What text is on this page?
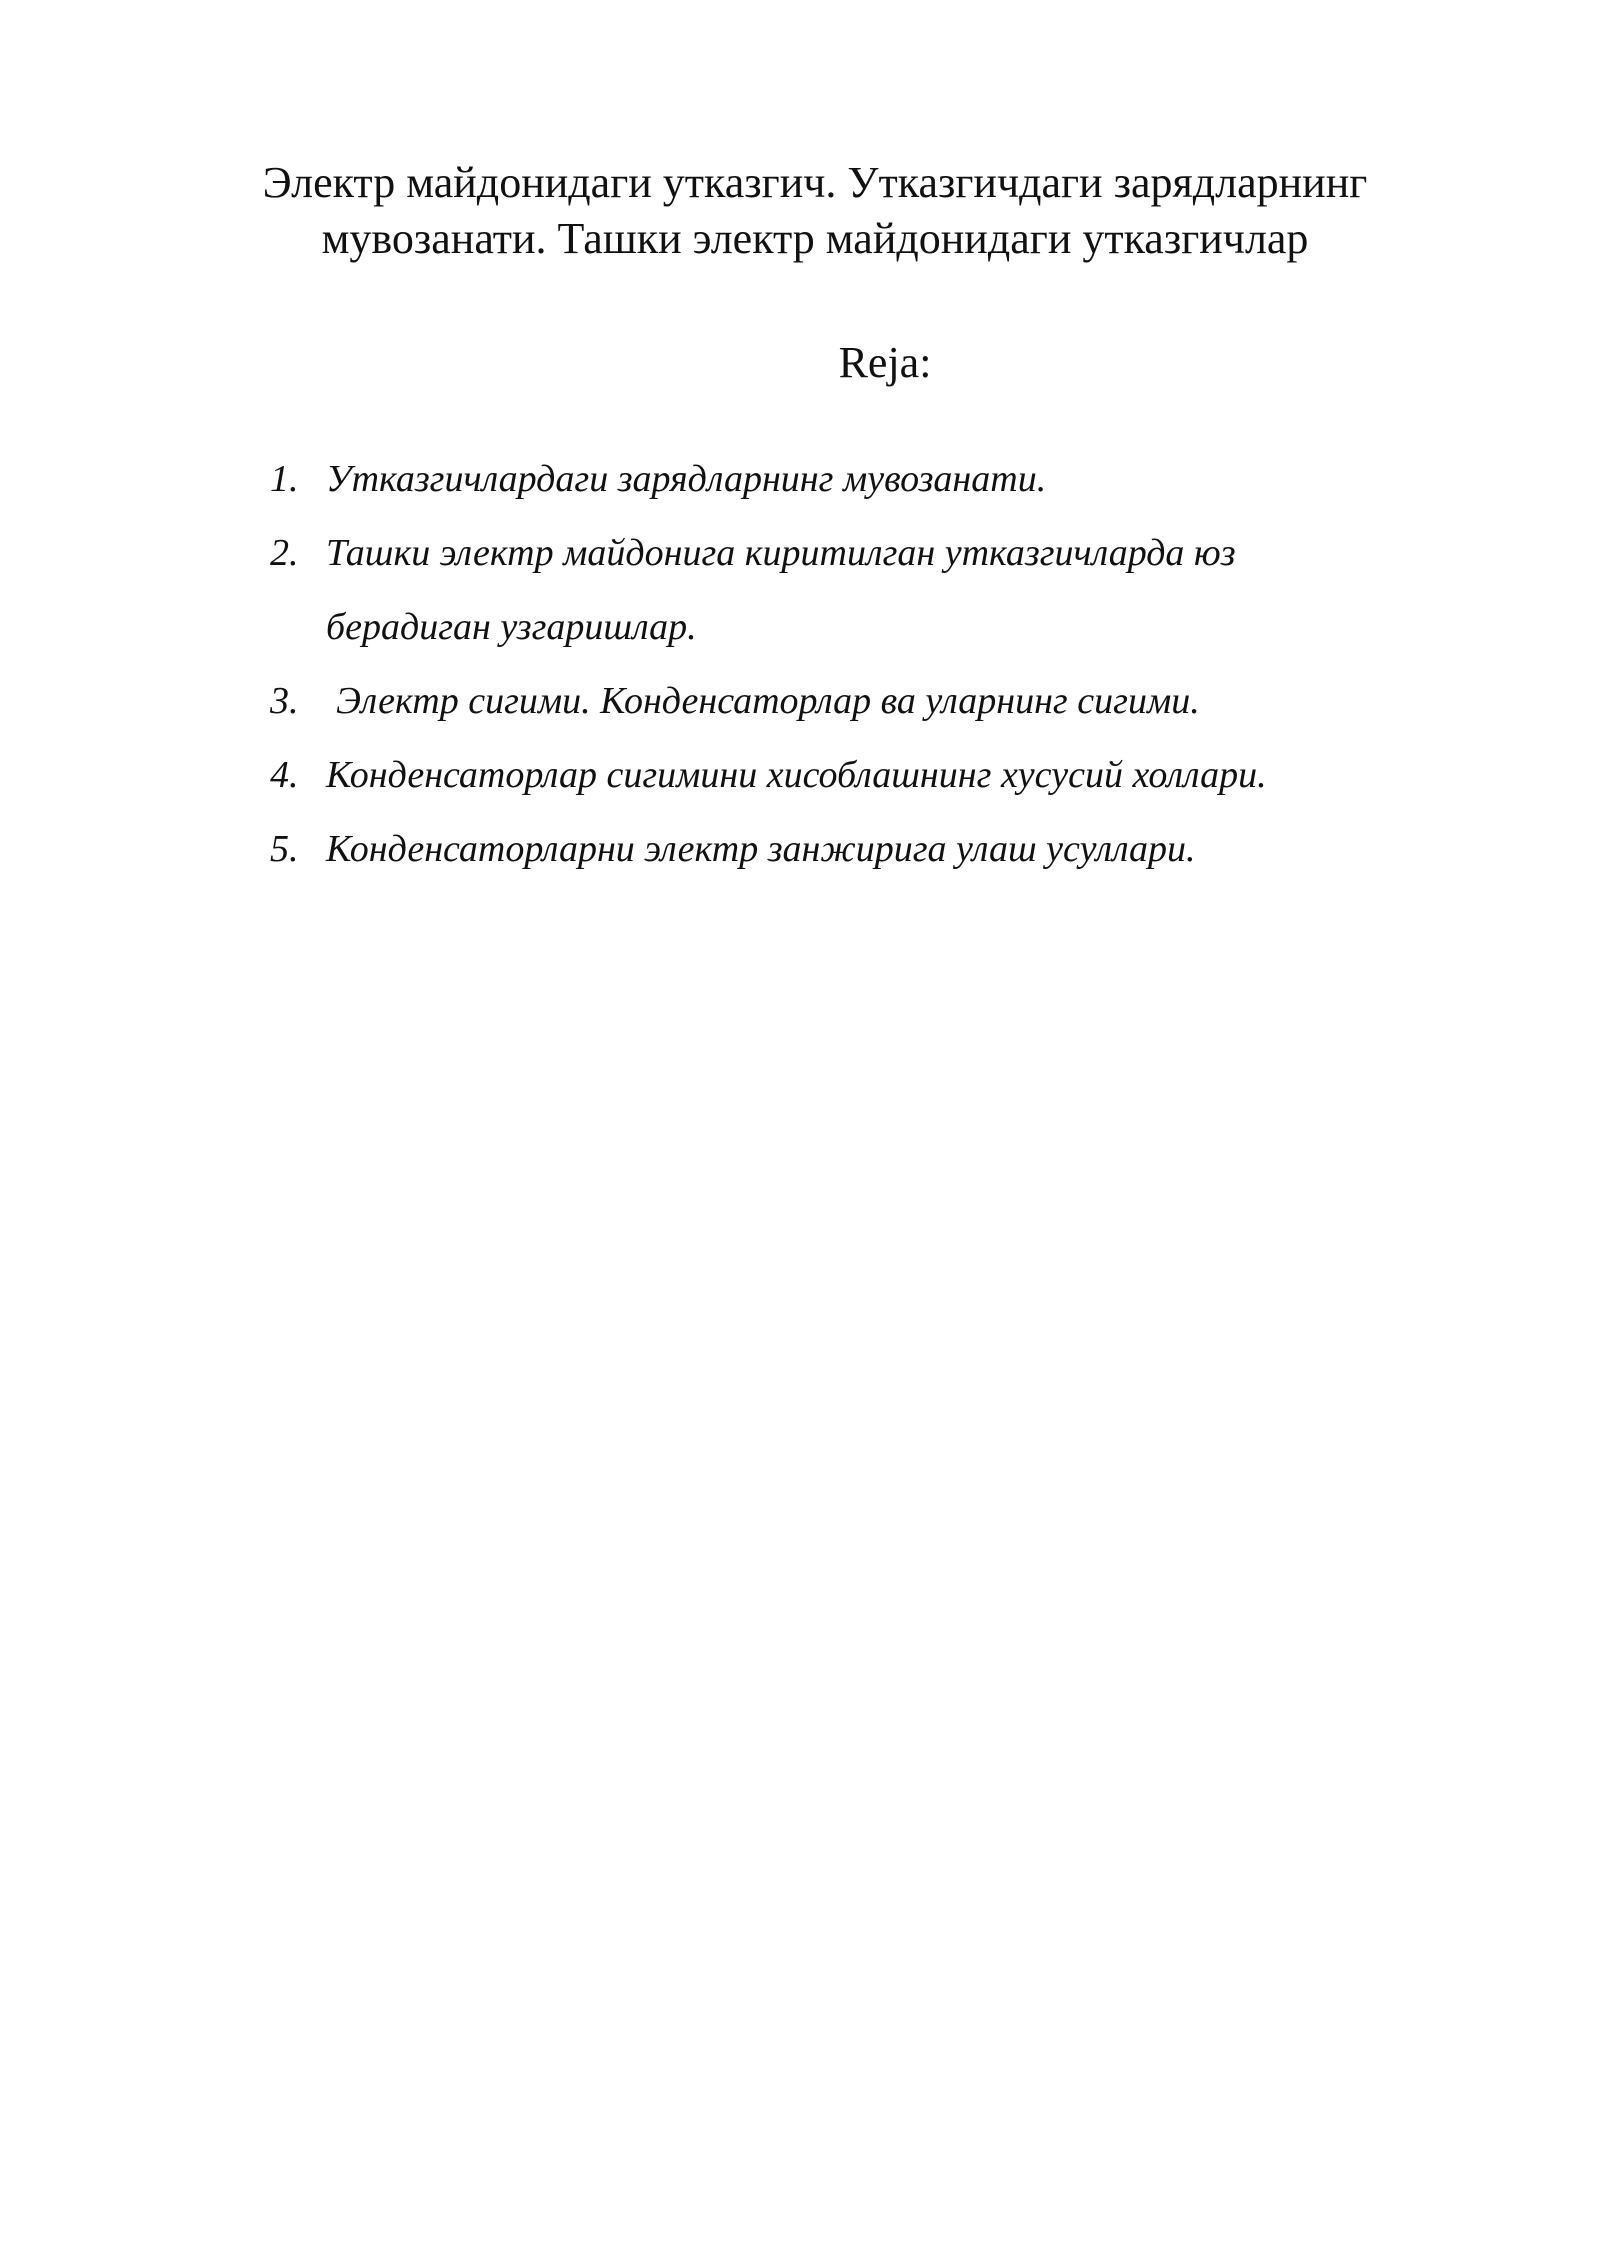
Электр майдонидаги утказгич. Утказгичдаги зарядларнинг
мувозанати. Ташки электр майдонидаги утказгичлар
Reja:
1. Утказгичлардаги зарядларнинг мувозанати.
2. Ташки электр майдонига киритилган утказгичларда юз
берадиган узгаришлар.
3. Электр сигими. Конденсаторлар ва уларнинг сигими.
4. Конденсаторлар сигимини хисоблашнинг хусусий холлари.
5. Конденсаторларни электр занжирига улаш усуллари.
